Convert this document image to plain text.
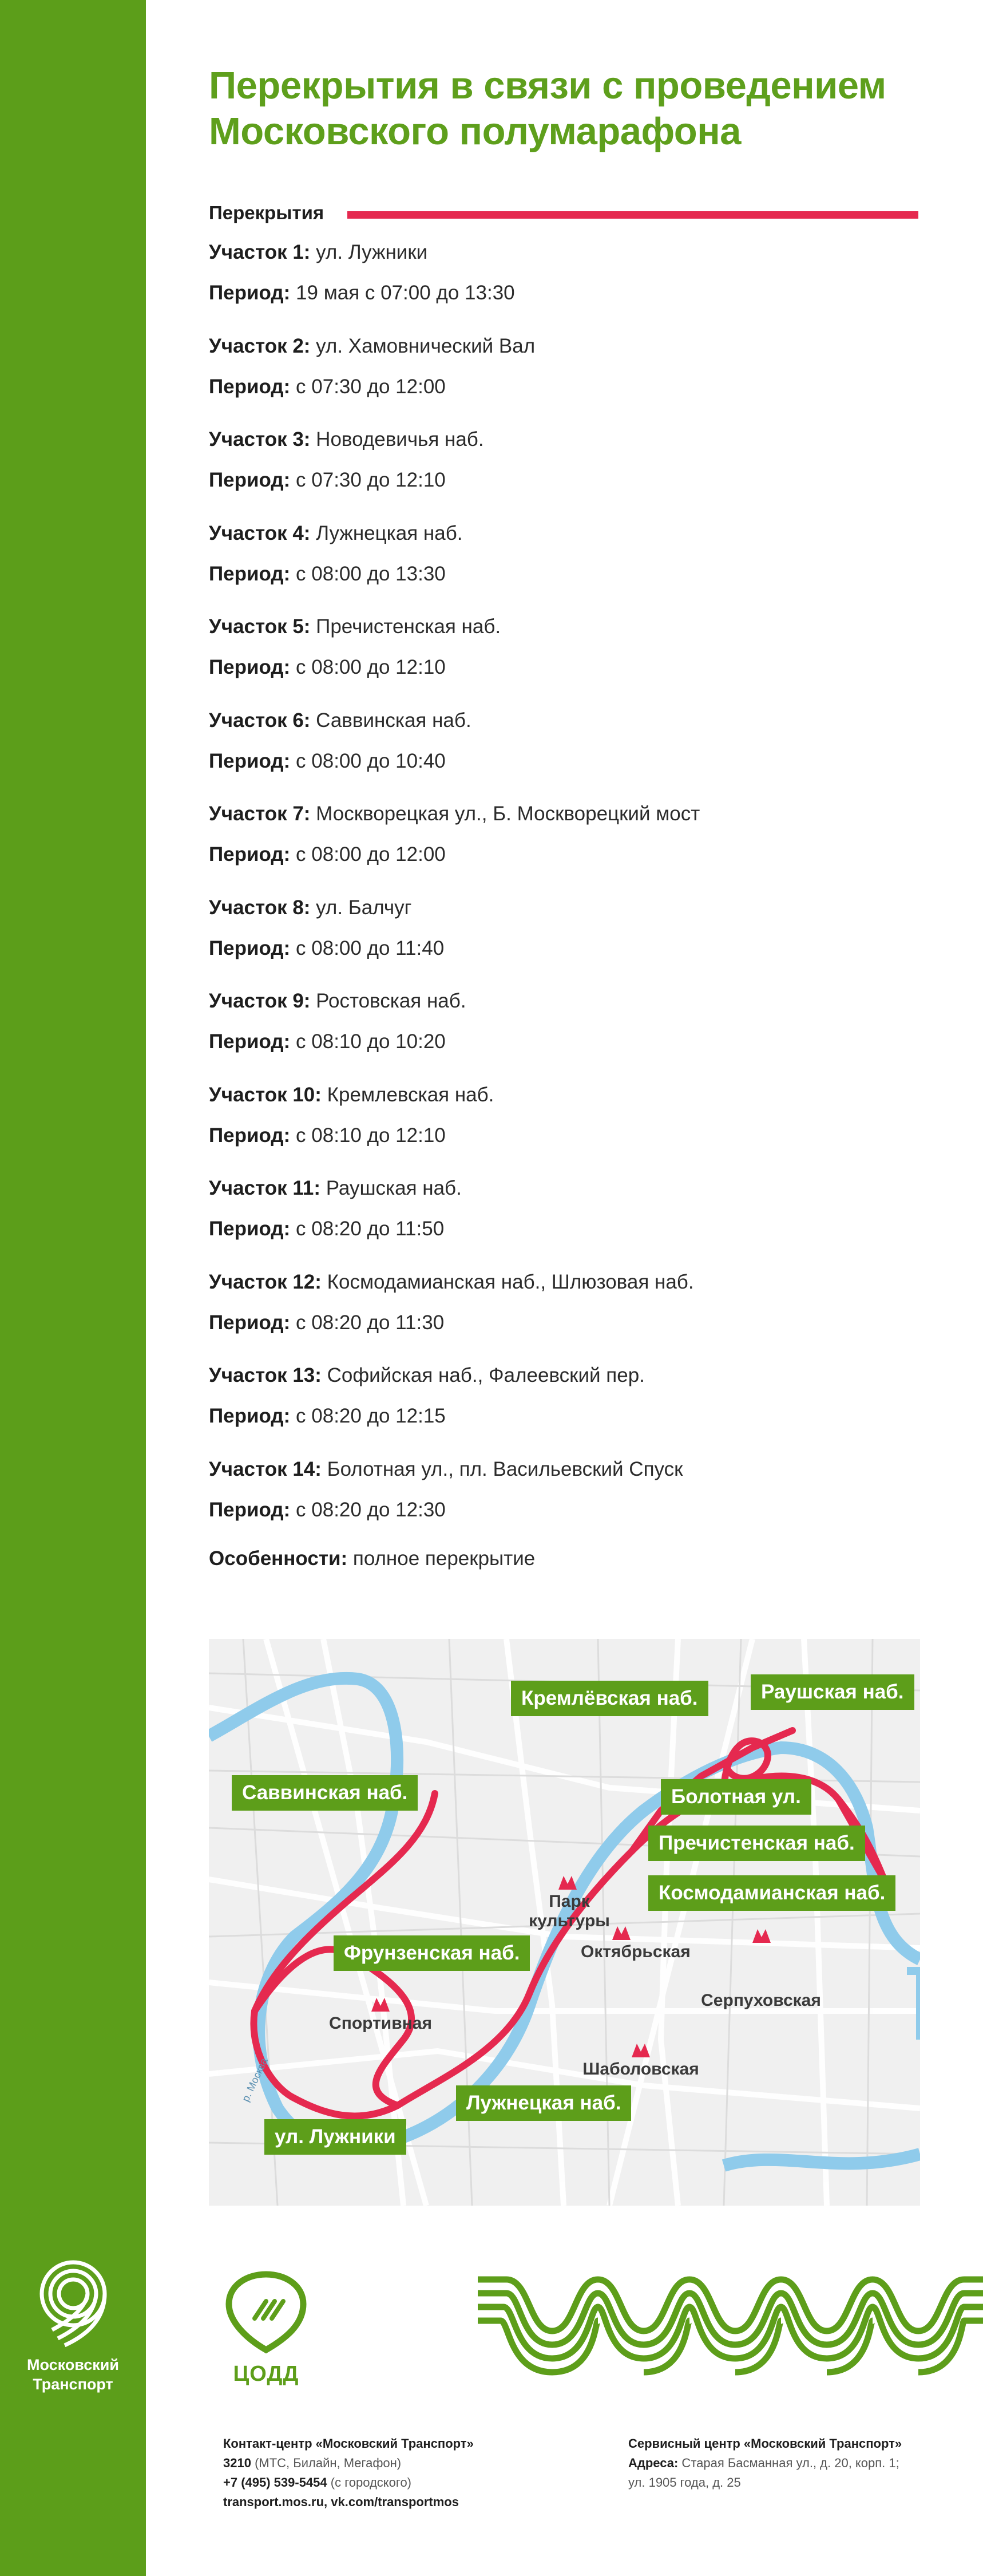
Московский
Транспорт
Перекрытия в связи с проведением Московского полумарафона
Перекрытия

Участок 1: ул. Лужники

Период: 19 мая с 07:00 до 13:30

Участок 2: ул. Хамовнический Вал

Период: с 07:30 до 12:00

Участок 3: Новодевичья наб.

Период: с 07:30 до 12:10

Участок 4: Лужнецкая наб.

Период: с 08:00 до 13:30

Участок 5: Пречистенская наб.

Период: с 08:00 до 12:10

Участок 6: Саввинская наб.

Период: с 08:00 до 10:40

Участок 7: Москворецкая ул., Б. Москворецкий мост

Период: с 08:00 до 12:00

Участок 8: ул. Балчуг

Период: с 08:00 до 11:40

Участок 9: Ростовская наб.

Период: с 08:10 до 10:20

Участок 10: Кремлевская наб.

Период: с 08:10 до 12:10

Участок 11: Раушская наб.

Период: с 08:20 до 11:50

Участок 12: Космодамианская наб., Шлюзовая наб.

Период: с 08:20 до 11:30

Участок 13: Софийская наб., Фалеевский пер.

Период: с 08:20 до 12:15

Участок 14: Болотная ул., пл. Васильевский Спуск

Период: с 08:20 до 12:30

Особенности: полное перекрытие

Кремлёвская наб.	Раушская наб.
Саввинская наб.	Болотная ул.
Пречистенская наб.
Космодамианская наб.
Фрунзенская наб.
Лужнецкая наб.
ул. Лужники
Парк культуры
Октябрьская
Серпуховская
Спортивная
Шаболовская
р. Москва
ЦОДД
Контакт-центр «Московский Транспорт»
3210 (МТС, Билайн, Мегафон)
+7 (495) 539-5454 (с городского)
transport.mos.ru, vk.com/transportmos
Сервисный центр «Московский Транспорт»
Адреса: Старая Басманная ул., д. 20, корп. 1;
ул. 1905 года, д. 25
